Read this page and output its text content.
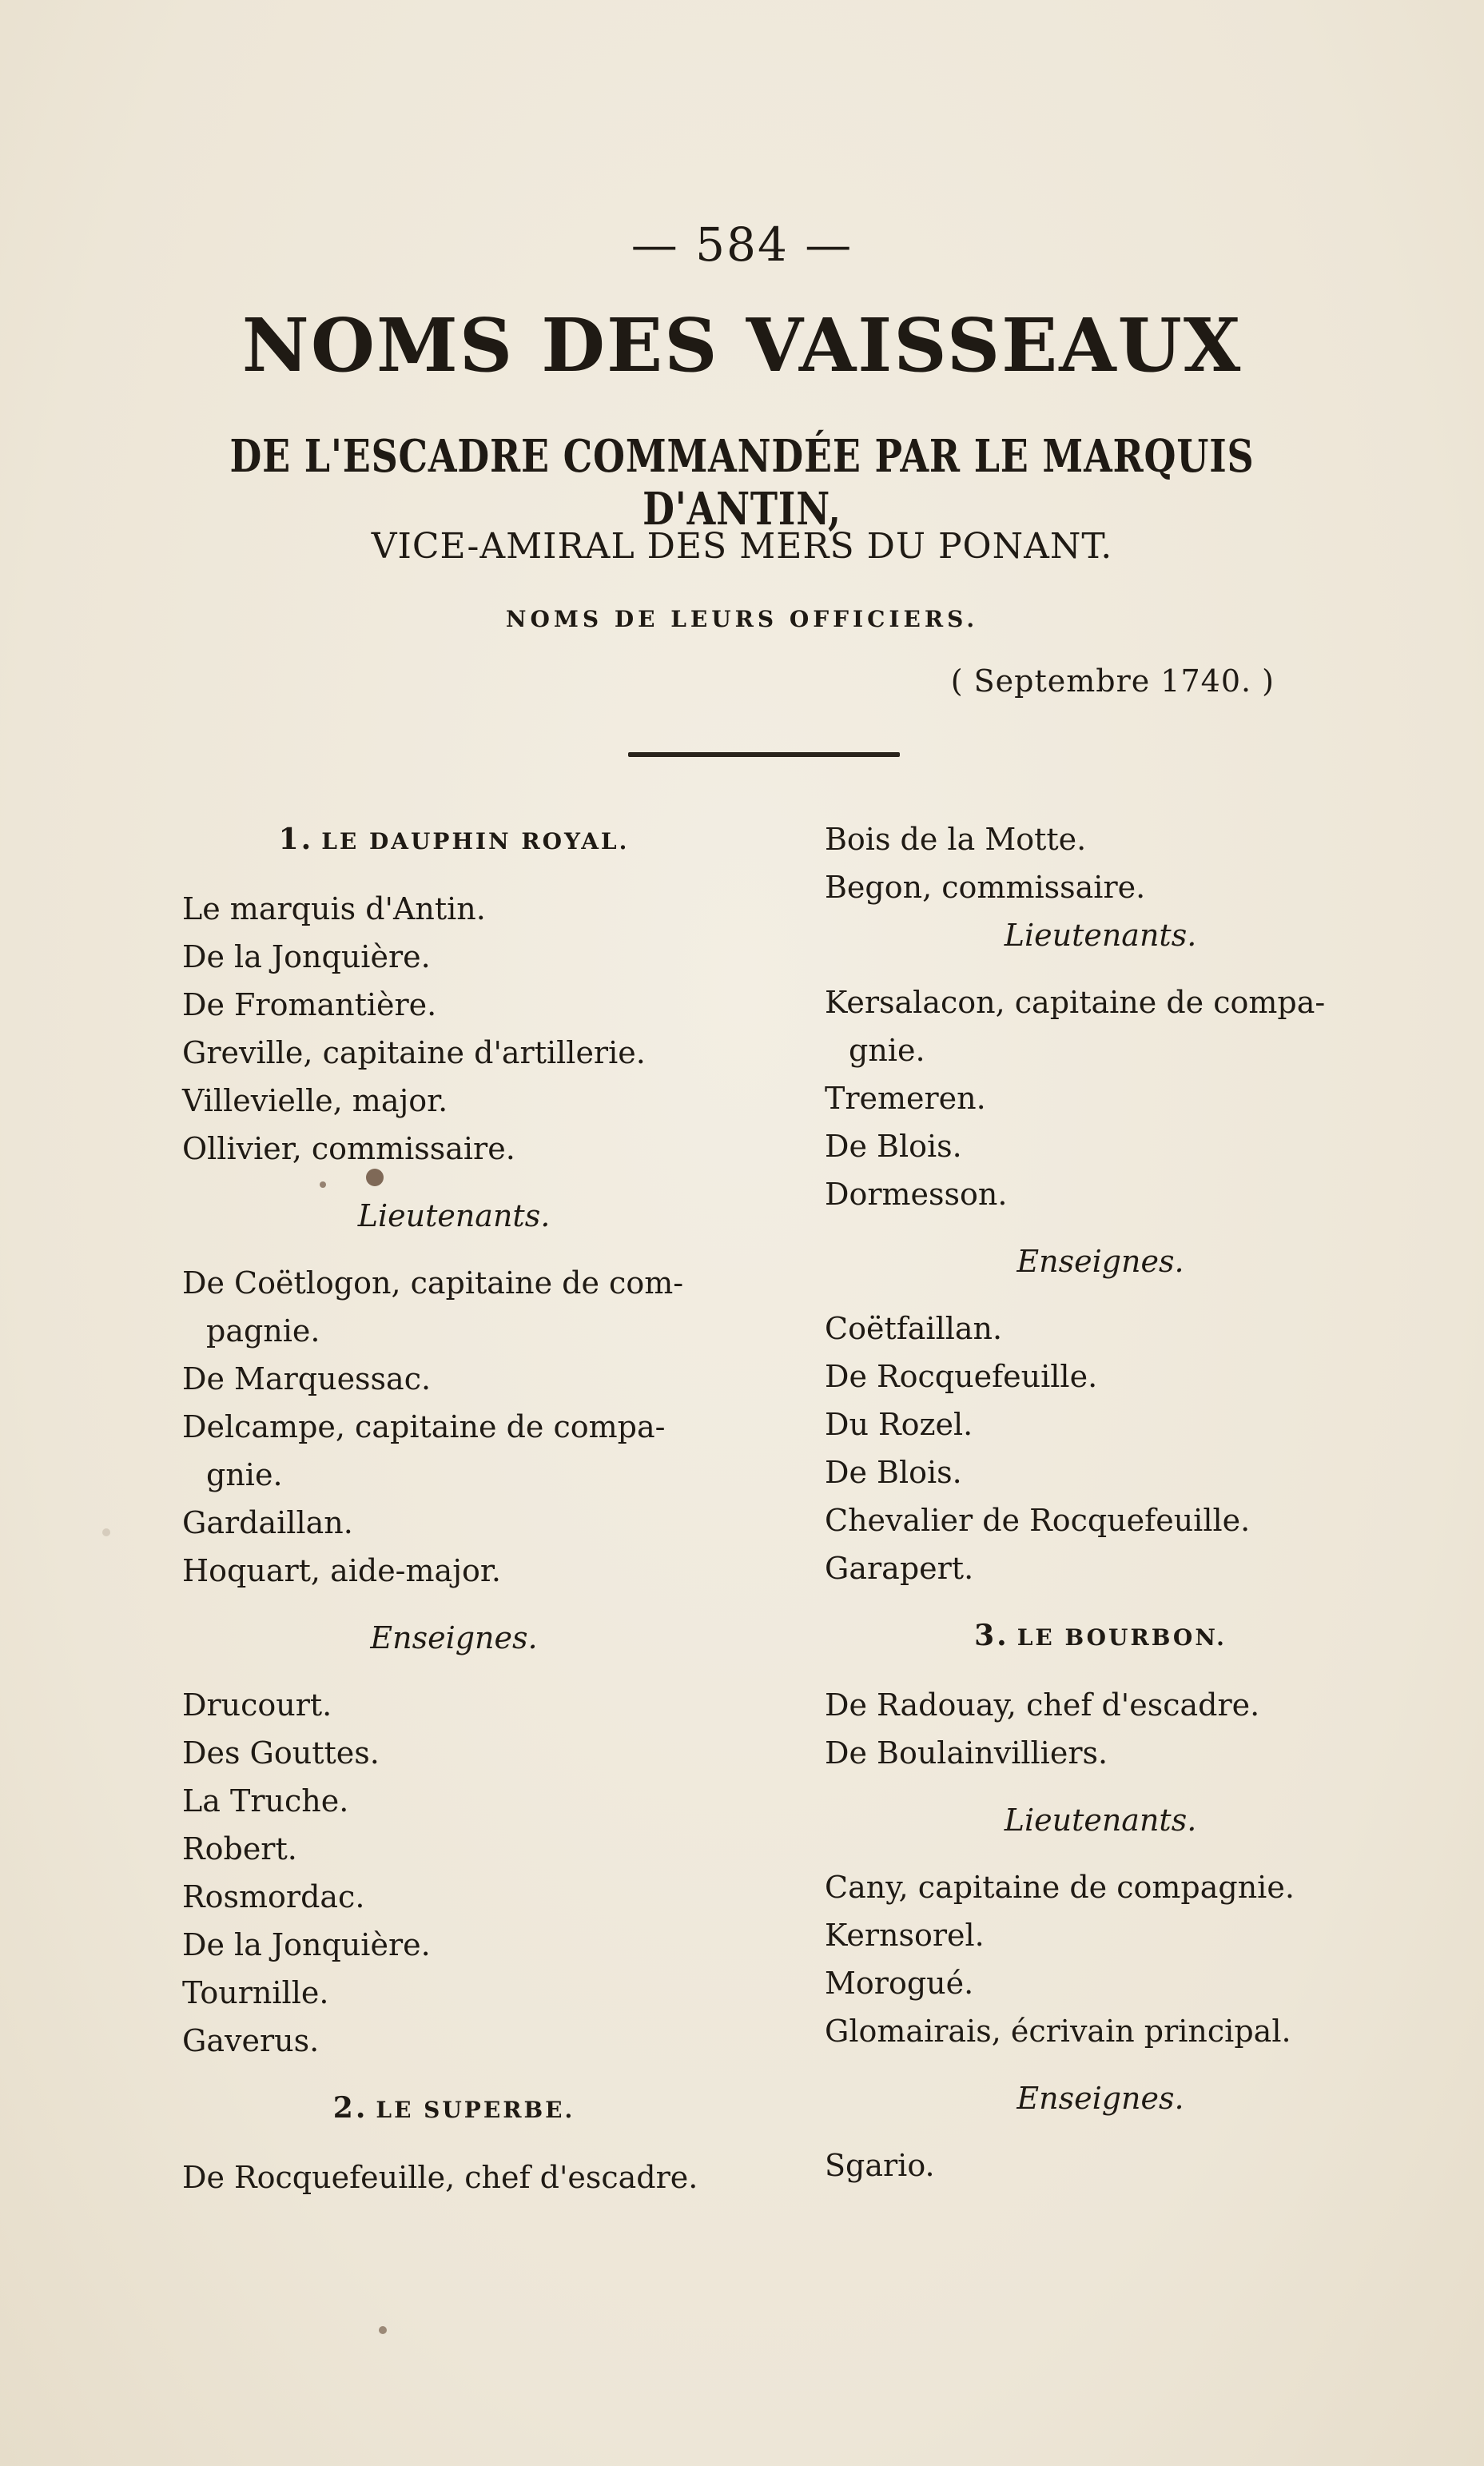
— 584 —
NOMS DES VAISSEAUX
DE L'ESCADRE COMMANDÉE PAR LE MARQUIS D'ANTIN,
VICE-AMIRAL DES MERS DU PONANT.
NOMS DE LEURS OFFICIERS.
( Septembre 1740. )
1. LE DAUPHIN ROYAL.
Le marquis d'Antin.
De la Jonquière.
De Fromantière.
Greville, capitaine d'artillerie.
Villevielle, major.
Ollivier, commissaire.
Lieutenants.
De Coëtlogon, capitaine de com-
pagnie.
De Marquessac.
Delcampe, capitaine de compa-
gnie.
Gardaillan.
Hoquart, aide-major.
Enseignes.
Drucourt.
Des Gouttes.
La Truche.
Robert.
Rosmordac.
De la Jonquière.
Tournille.
Gaverus.
2. LE SUPERBE.
De Rocquefeuille, chef d'escadre.
Bois de la Motte.
Begon, commissaire.
Lieutenants.
Kersalacon, capitaine de compa-
gnie.
Tremeren.
De Blois.
Dormesson.
Enseignes.
Coëtfaillan.
De Rocquefeuille.
Du Rozel.
De Blois.
Chevalier de Rocquefeuille.
Garapert.
3. LE BOURBON.
De Radouay, chef d'escadre.
De Boulainvilliers.
Lieutenants.
Cany, capitaine de compagnie.
Kernsorel.
Morogué.
Glomairais, écrivain principal.
Enseignes.
Sgario.
